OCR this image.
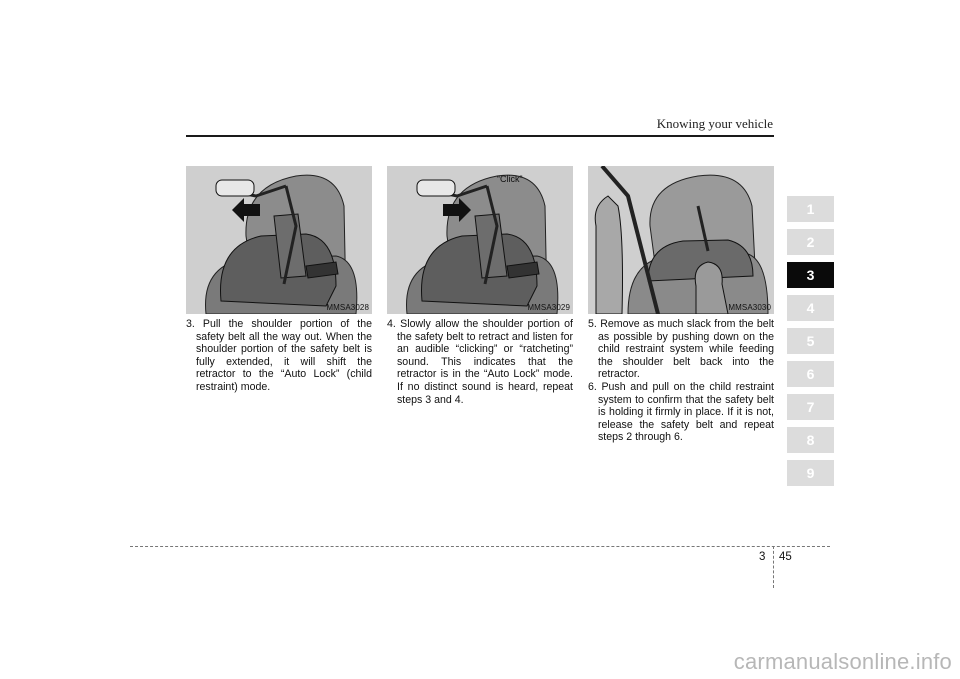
Knowing your vehicle
MMSA3028
“Click”
MMSA3029	MMSA3030
3. Pull the shoulder portion of the safety belt all the way out. When the shoulder portion of the safety belt is fully extended, it will shift the retractor to the “Auto Lock” (child restraint) mode.
4. Slowly allow the shoulder portion of the safety belt to retract and listen for an audible “clicking” or “ratcheting” sound. This indicates that the retractor is in the “Auto Lock” mode. If no distinct sound is heard, repeat steps 3 and 4.
5. Remove as much slack from the belt as possible by pushing down on the child restraint system while feeding the shoulder belt back into the retractor.
6. Push and pull on the child restraint system to confirm that the safety belt is holding it firmly in place. If it is not, release the safety belt and repeat steps 2 through 6.
1
2
3
4
5
6
7
8
9
3 45
carmanualsonline.info
